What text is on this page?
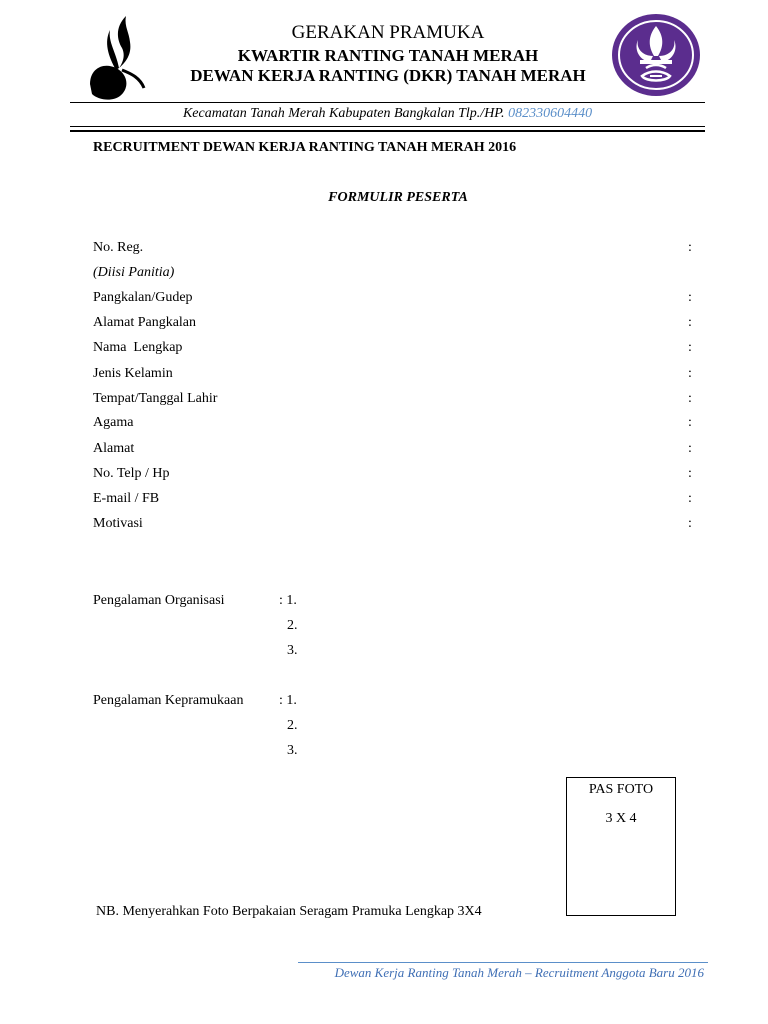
GERAKAN PRAMUKA
KWARTIR RANTING TANAH MERAH
DEWAN KERJA RANTING (DKR) TANAH MERAH
Kecamatan Tanah Merah Kabupaten Bangkalan Tlp./HP. 082330604440
RECRUITMENT DEWAN KERJA RANTING TANAH MERAH 2016
FORMULIR PESERTA
No. Reg.	:
(Diisi Panitia)
Pangkalan/Gudep	:
Alamat Pangkalan	:
Nama  Lengkap	:
Jenis Kelamin	:
Tempat/Tanggal Lahir	:
Agama	:
Alamat	:
No. Telp / Hp	:
E-mail / FB	:
Motivasi	:
Pengalaman Organisasi	: 1.
2.
3.
Pengalaman Kepramukaan	: 1.
2.
3.
PAS FOTO
3 X 4
NB. Menyerahkan Foto Berpakaian Seragam Pramuka Lengkap 3X4
Dewan Kerja Ranting Tanah Merah – Recruitment Anggota Baru 2016
